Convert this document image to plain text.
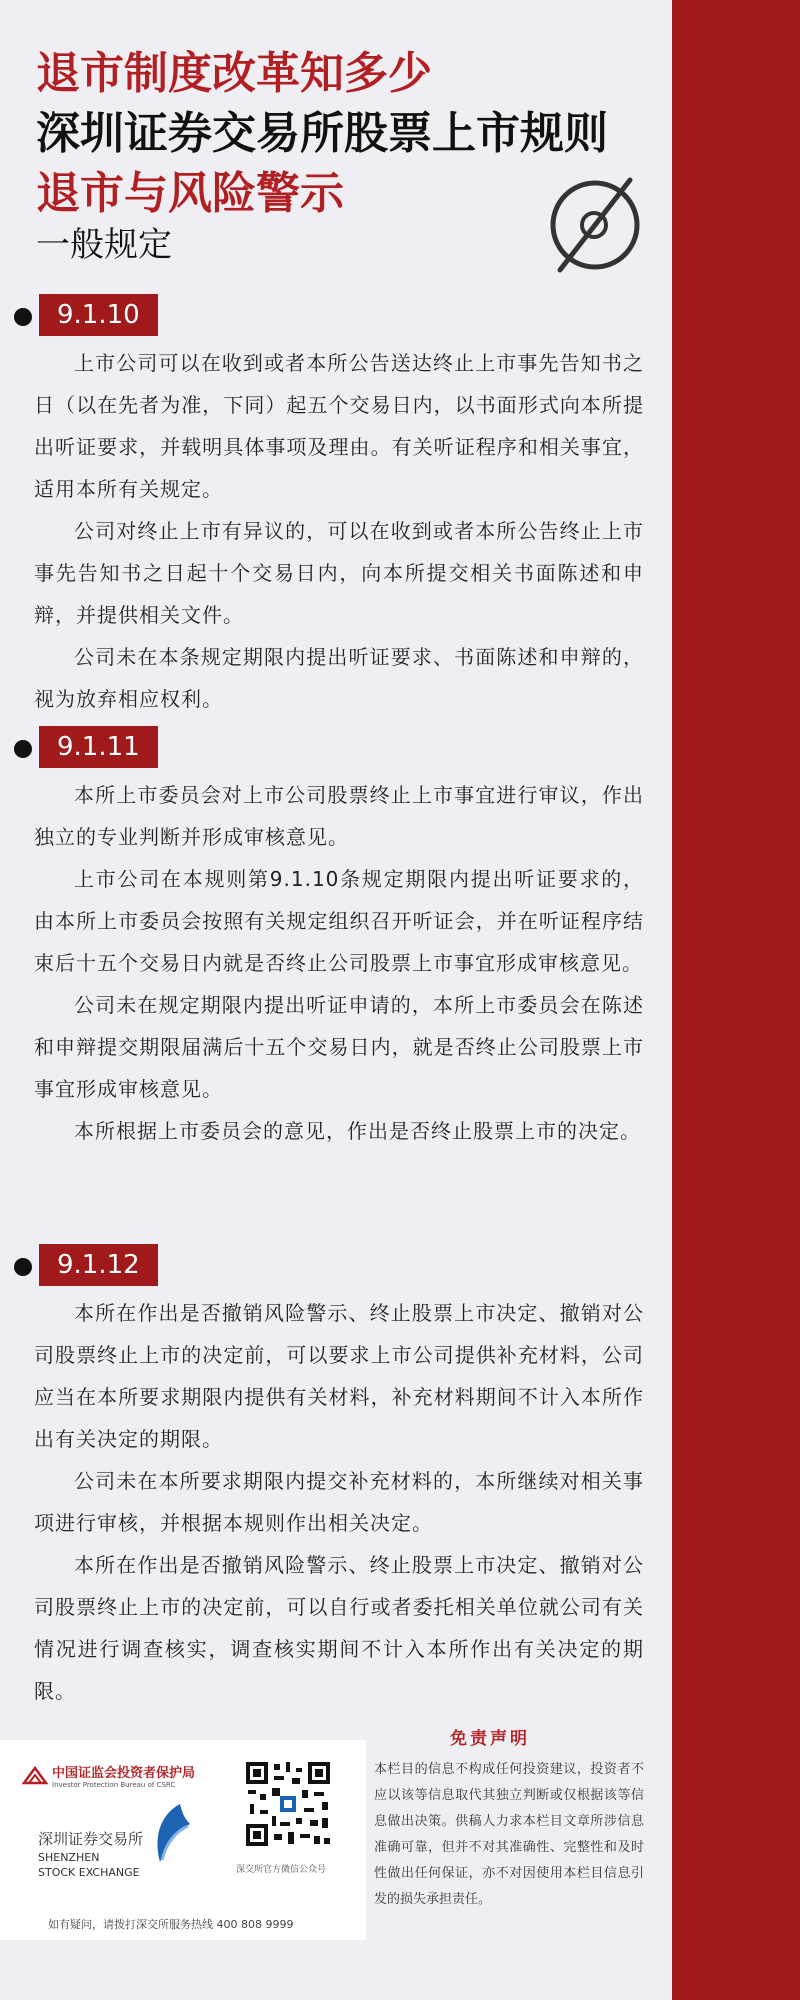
退市制度改革知多少
深圳证券交易所股票上市规则
退市与风险警示
一般规定
9.1.10

上市公司可以在收到或者本所公告送达终止上市事先告知书之日（以在先者为准，下同）起五个交易日内，以书面形式向本所提出听证要求，并载明具体事项及理由。有关听证程序和相关事宜，适用本所有关规定。

公司对终止上市有异议的，可以在收到或者本所公告终止上市事先告知书之日起十个交易日内，向本所提交相关书面陈述和申辩，并提供相关文件。

公司未在本条规定期限内提出听证要求、书面陈述和申辩的，视为放弃相应权利。

9.1.11

本所上市委员会对上市公司股票终止上市事宜进行审议，作出独立的专业判断并形成审核意见。

上市公司在本规则第9.1.10条规定期限内提出听证要求的，由本所上市委员会按照有关规定组织召开听证会，并在听证程序结束后十五个交易日内就是否终止公司股票上市事宜形成审核意见。

公司未在规定期限内提出听证申请的，本所上市委员会在陈述和申辩提交期限届满后十五个交易日内，就是否终止公司股票上市事宜形成审核意见。

本所根据上市委员会的意见，作出是否终止股票上市的决定。

9.1.12

本所在作出是否撤销风险警示、终止股票上市决定、撤销对公司股票终止上市的决定前，可以要求上市公司提供补充材料，公司应当在本所要求期限内提供有关材料，补充材料期间不计入本所作出有关决定的期限。

公司未在本所要求期限内提交补充材料的，本所继续对相关事项进行审核，并根据本规则作出相关决定。

本所在作出是否撤销风险警示、终止股票上市决定、撤销对公司股票终止上市的决定前，可以自行或者委托相关单位就公司有关情况进行调查核实，调查核实期间不计入本所作出有关决定的期限。

中国证监会投资者保护局
Investor Protection Bureau of CSRC
深圳证券交易所
SHENZHEN
STOCK EXCHANGE	深交所官方微信公众号
如有疑问，请拨打深交所服务热线 400 808 9999
免责声明
本栏目的信息不构成任何投资建议，投资者不应以该等信息取代其独立判断或仅根据该等信息做出决策。供稿人力求本栏目文章所涉信息准确可靠，但并不对其准确性、完整性和及时性做出任何保证，亦不对因使用本栏目信息引发的损失承担责任。
